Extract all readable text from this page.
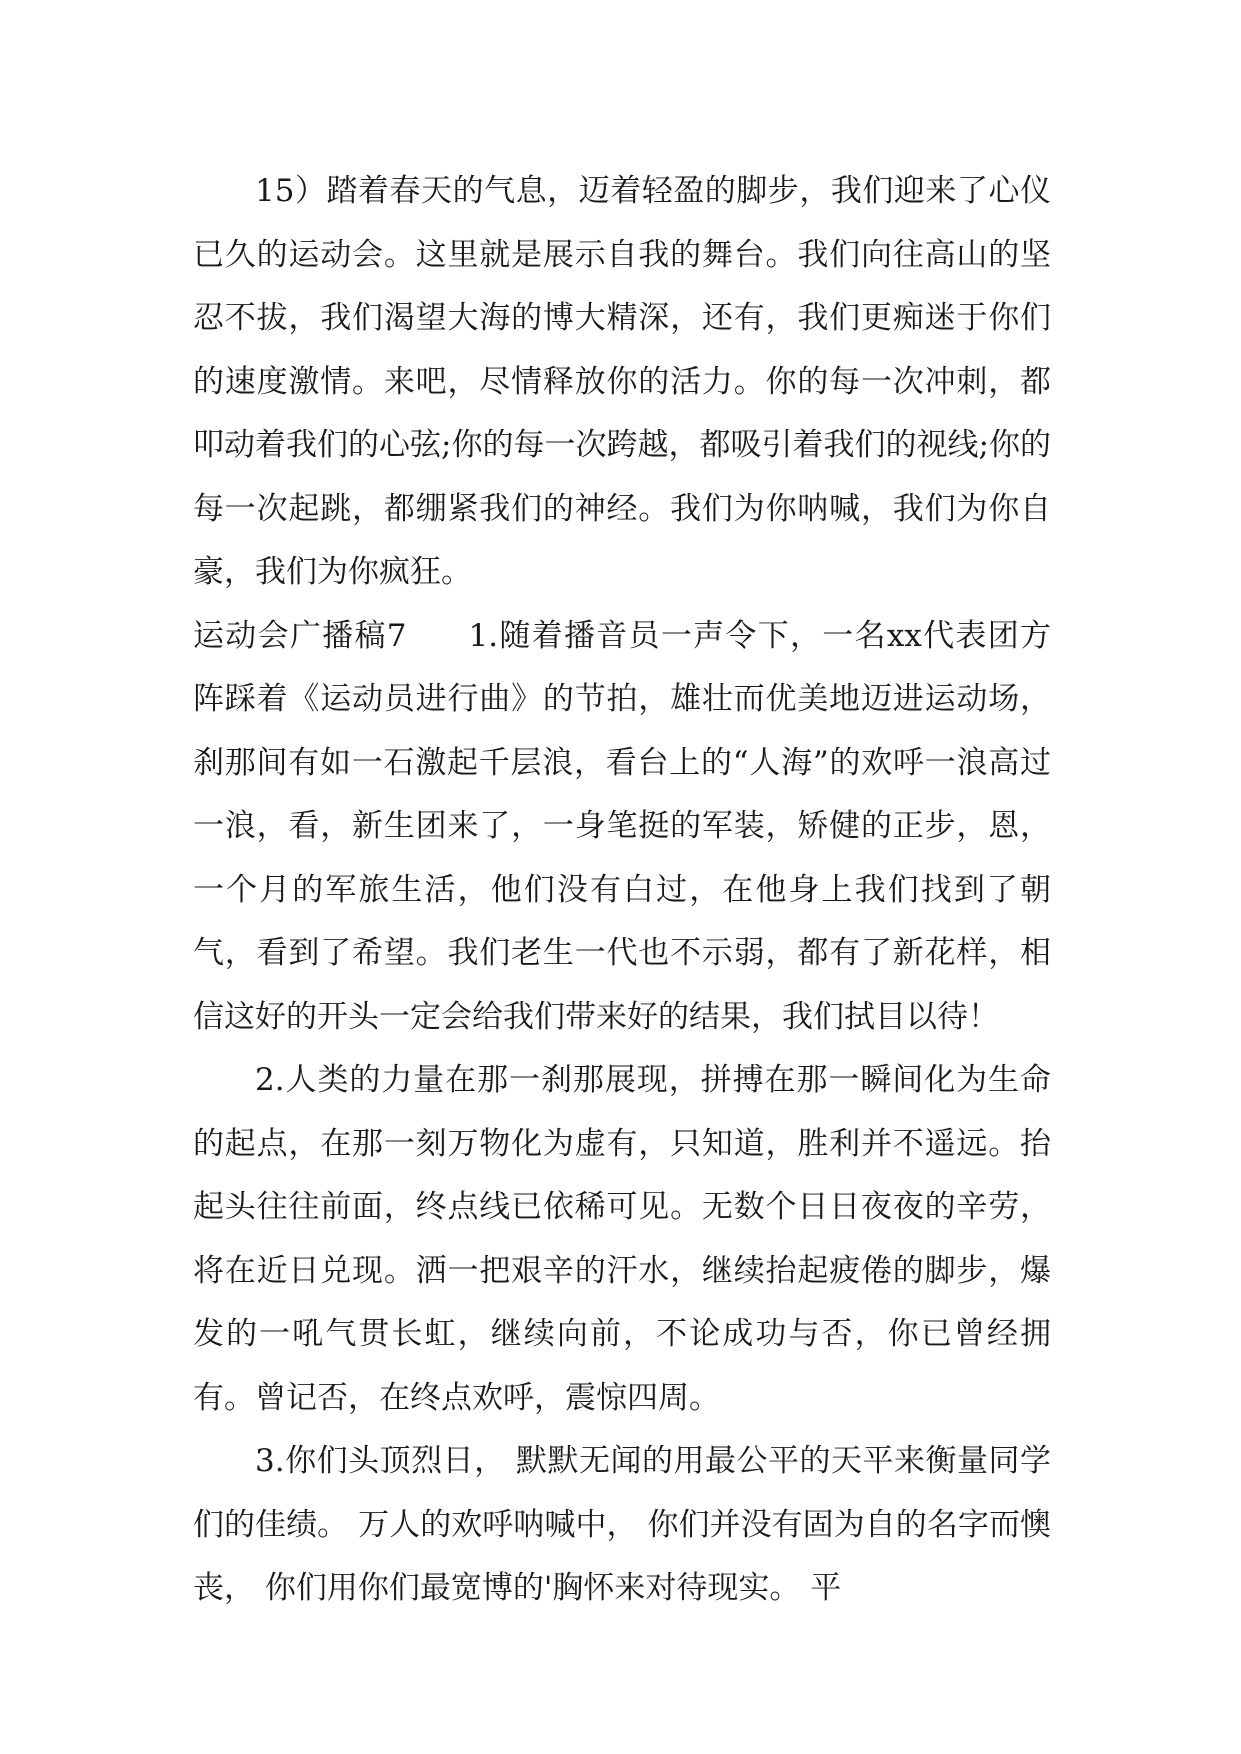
15）踏着春天的气息，迈着轻盈的脚步，我们迎来了心仪已久的运动会。这里就是展示自我的舞台。我们向往高山的坚忍不拔，我们渴望大海的博大精深，还有，我们更痴迷于你们的速度激情。来吧，尽情释放你的活力。你的每一次冲刺，都叩动着我们的心弦;你的每一次跨越，都吸引着我们的视线;你的每一次起跳，都绷紧我们的神经。我们为你呐喊，我们为你自豪，我们为你疯狂。

运动会广播稿7 1.随着播音员一声令下，一名xx代表团方阵踩着《运动员进行曲》的节拍，雄壮而优美地迈进运动场，刹那间有如一石激起千层浪，看台上的“人海”的欢呼一浪高过一浪，看，新生团来了，一身笔挺的军装，矫健的正步，恩，一个月的军旅生活，他们没有白过，在他身上我们找到了朝气，看到了希望。我们老生一代也不示弱，都有了新花样，相信这好的开头一定会给我们带来好的结果，我们拭目以待！

2.人类的力量在那一刹那展现，拼搏在那一瞬间化为生命的起点，在那一刻万物化为虚有，只知道，胜利并不遥远。抬起头往往前面，终点线已依稀可见。无数个日日夜夜的辛劳，将在近日兑现。洒一把艰辛的汗水，继续抬起疲倦的脚步，爆发的一吼气贯长虹，继续向前，不论成功与否，你已曾经拥有。曾记否，在终点欢呼，震惊四周。

3.你们头顶烈日， 默默无闻的用最公平的天平来衡量同学们的佳绩。 万人的欢呼呐喊中， 你们并没有固为自的名字而懊丧， 你们用你们最宽博的'胸怀来对待现实。 平
